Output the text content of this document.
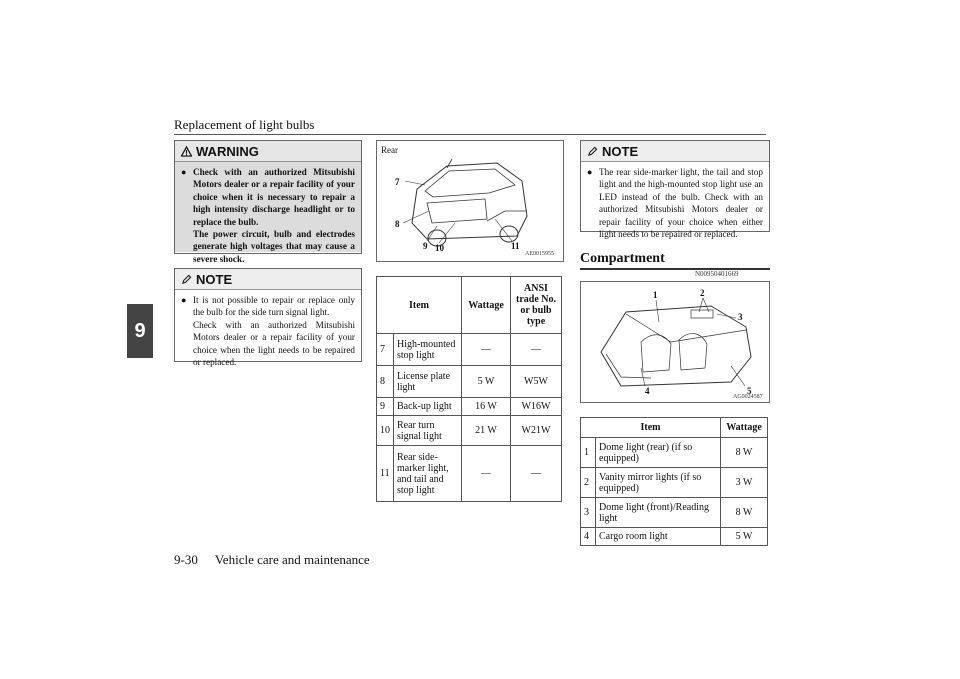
Replacement of light bulbs
9
WARNING
● Check with an authorized Mitsubishi Motors dealer or a repair facility of your choice when it is necessary to repair a high intensity discharge headlight or to replace the bulb.

The power circuit, bulb and electrodes generate high voltages that may cause a severe shock.

NOTE
● It is not possible to repair or replace only the bulb for the side turn signal light.

Check with an authorized Mitsubishi Motors dealer or a repair facility of your choice when the light needs to be repaired or replaced.

Rear
7
8
9 10	11
AE0015955
Item		Wattage	ANSI trade No. or bulb type
7	High-mounted stop light	—	—
8	License plate light	5 W	W5W
9	Back-up light	16 W	W16W
10	Rear turn signal light	21 W	W21W
11	Rear side-marker light, and tail and stop light	—	—
NOTE
● The rear side-marker light, the tail and stop light and the high-mounted stop light use an LED instead of the bulb. Check with an authorized Mitsubishi Motors dealer or repair facility of your choice when either light needs to be repaired or replaced.

Compartment
N00950401669
1	2
3
4	5
AG0024587
Item		Wattage
1	Dome light (rear) (if so equipped)	8 W
2	Vanity mirror lights (if so equipped)	3 W
3	Dome light (front)/Reading light	8 W
4	Cargo room light	5 W
9-30 Vehicle care and maintenance
